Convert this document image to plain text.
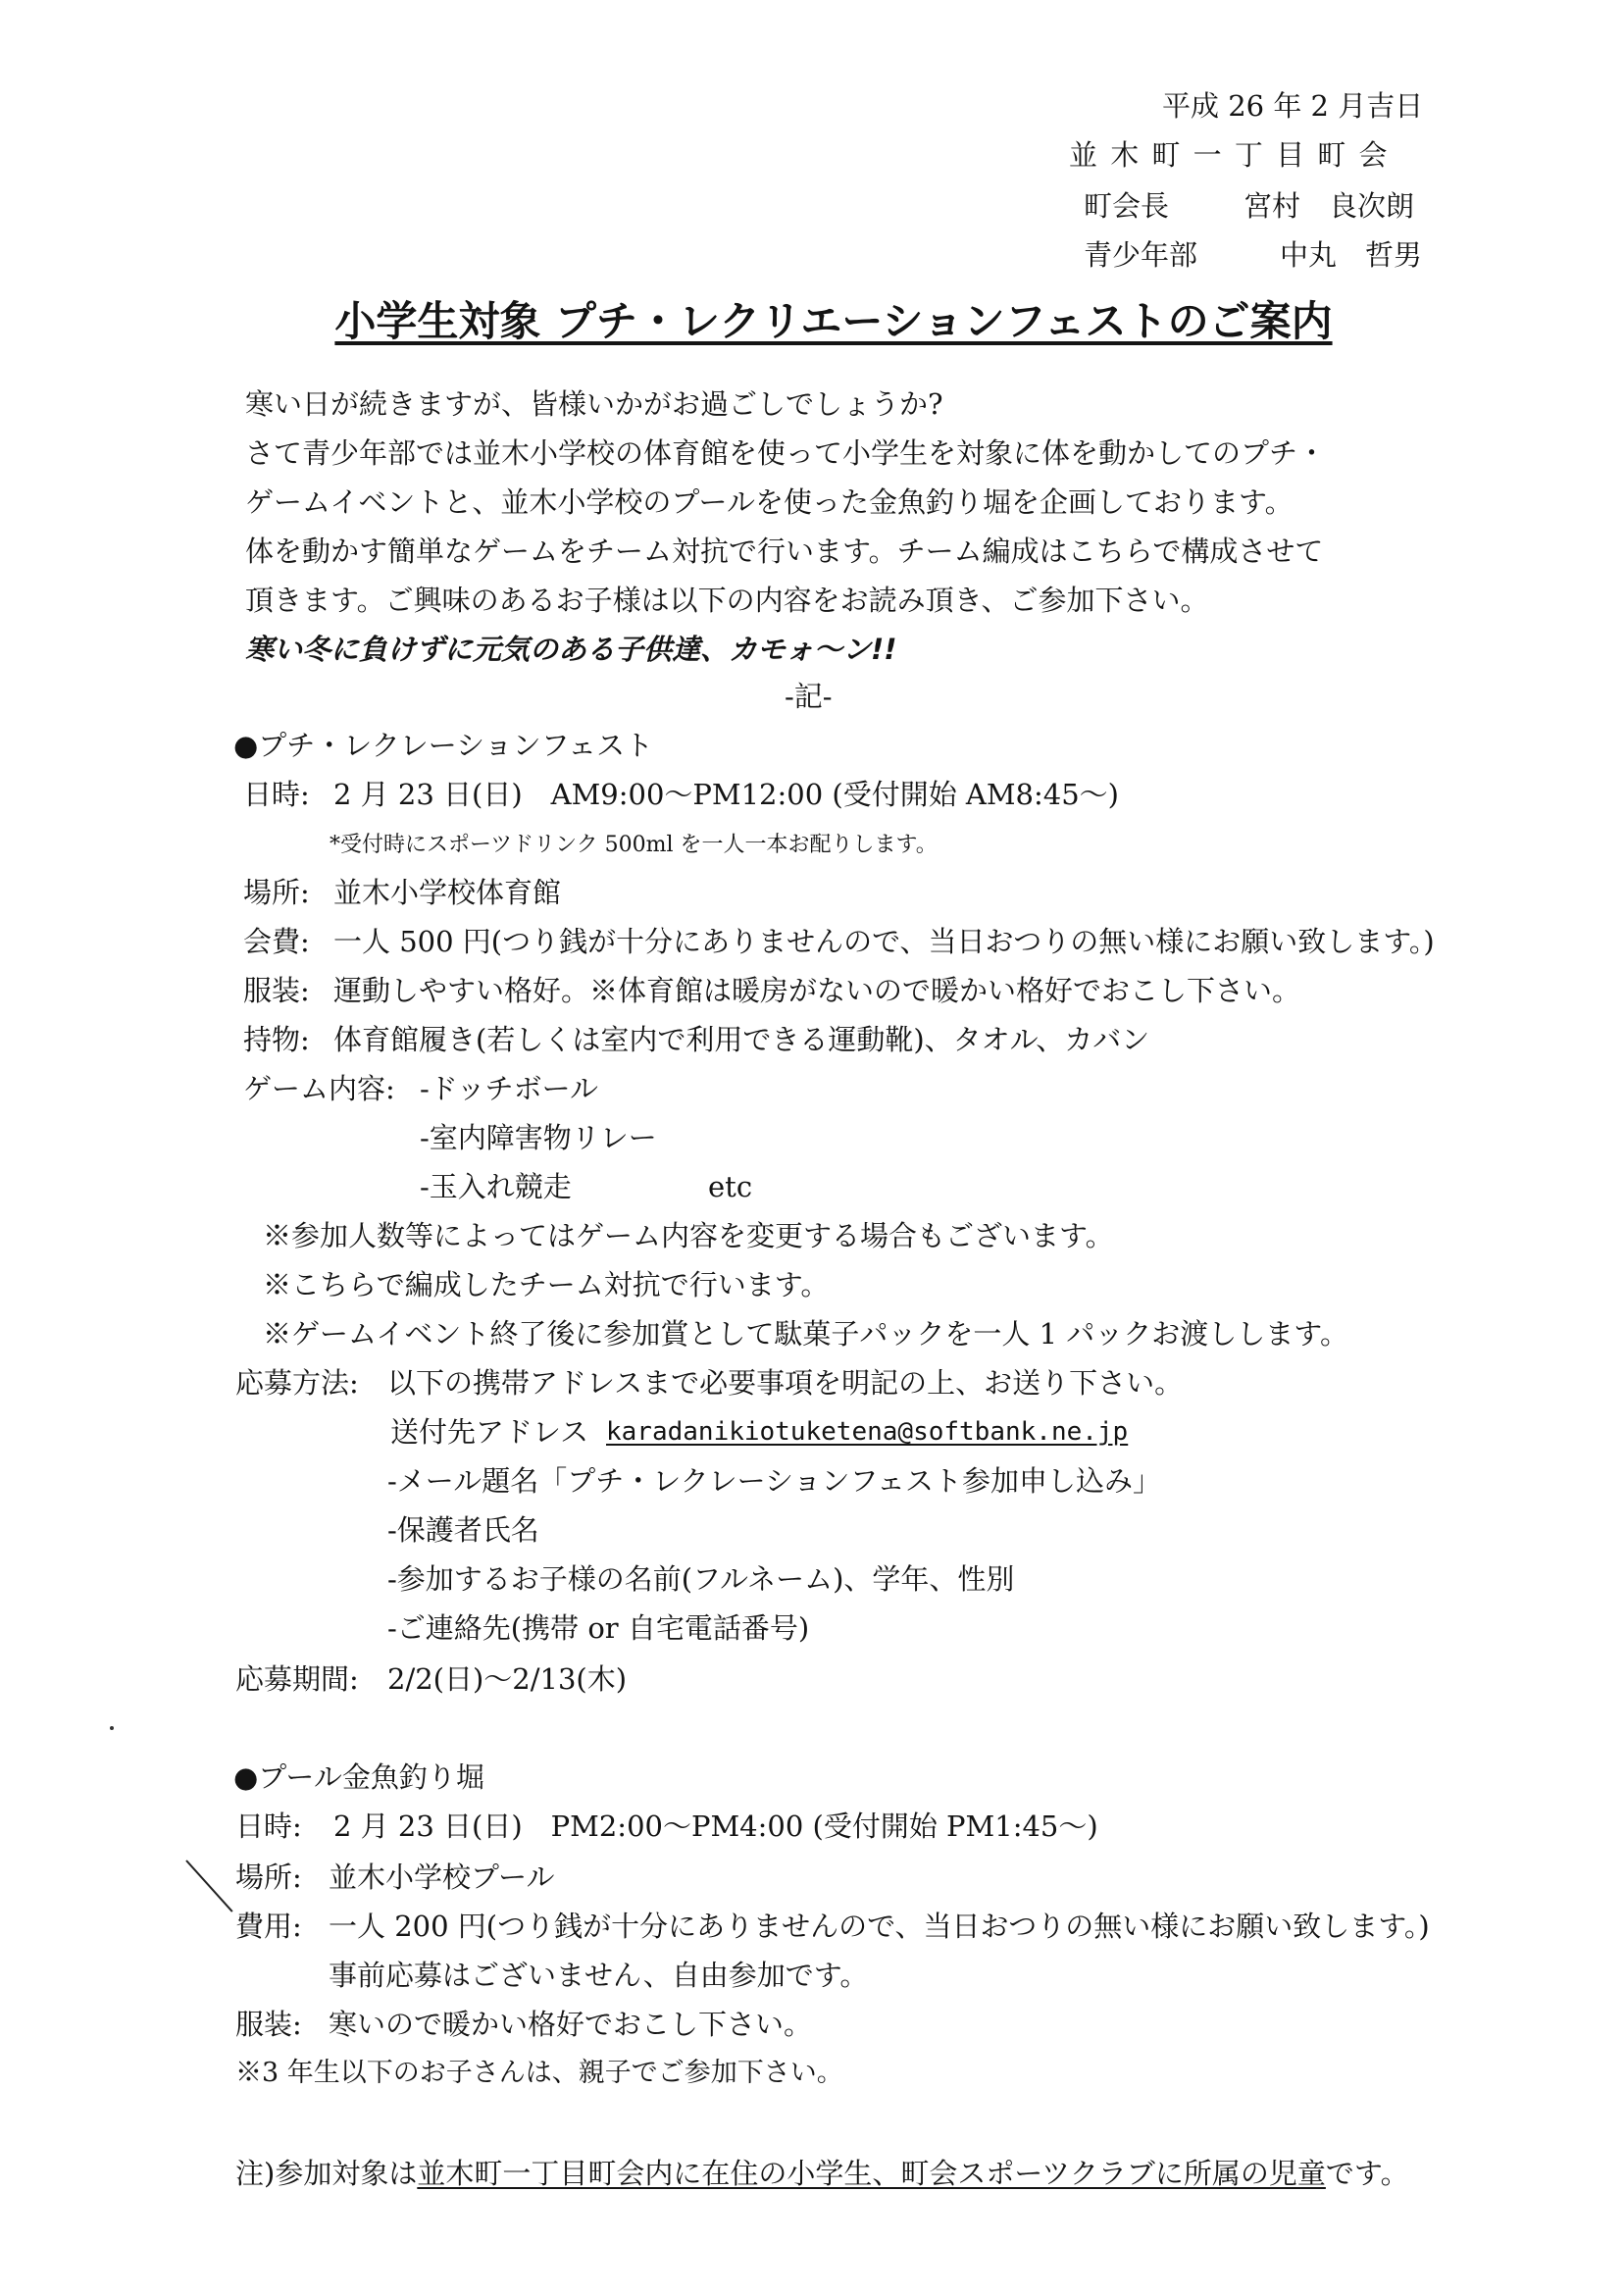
平成 26 年 2 月吉日
並 木 町 一 丁 目 町 会
町会長	宮村　良次朗
青少年部	中丸　哲男
小学生対象 プチ・レクリエーションフェストのご案内
寒い日が続きますが、皆様いかがお過ごしでしょうか?
さて青少年部では並木小学校の体育館を使って小学生を対象に体を動かしてのプチ・
ゲームイベントと、並木小学校のプールを使った金魚釣り堀を企画しております。
体を動かす簡単なゲームをチーム対抗で行います。チーム編成はこちらで構成させて
頂きます。ご興味のあるお子様は以下の内容をお読み頂き、ご参加下さい。
寒い冬に負けずに元気のある子供達、カモォ～ン!!
-記-
●プチ・レクレーションフェスト
日時: 2 月 23 日(日)　AM9:00～PM12:00 (受付開始 AM8:45～)
*受付時にスポーツドリンク 500ml を一人一本お配りします。
場所: 並木小学校体育館
会費: 一人 500 円(つり銭が十分にありませんので、当日おつりの無い様にお願い致します。)
服装: 運動しやすい格好。※体育館は暖房がないので暖かい格好でおこし下さい。
持物: 体育館履き(若しくは室内で利用できる運動靴)、タオル、カバン
ゲーム内容: -ドッチボール
-室内障害物リレー
-玉入れ競走	etc
※参加人数等によってはゲーム内容を変更する場合もございます。
※こちらで編成したチーム対抗で行います。
※ゲームイベント終了後に参加賞として駄菓子パックを一人 1 パックお渡しします。
応募方法: 以下の携帯アドレスまで必要事項を明記の上、お送り下さい。
送付先アドレス karadanikiotuketena@softbank.ne.jp
-メール題名「プチ・レクレーションフェスト参加申し込み」
-保護者氏名
-参加するお子様の名前(フルネーム)、学年、性別
-ご連絡先(携帯 or 自宅電話番号)
応募期間: 2/2(日)～2/13(木)
●プール金魚釣り堀
日時: 2 月 23 日(日)　PM2:00～PM4:00 (受付開始 PM1:45～)
場所: 並木小学校プール
費用: 一人 200 円(つり銭が十分にありませんので、当日おつりの無い様にお願い致します。)
事前応募はございません、自由参加です。
服装: 寒いので暖かい格好でおこし下さい。
※3 年生以下のお子さんは、親子でご参加下さい。
注)参加対象は並木町一丁目町会内に在住の小学生、町会スポーツクラブに所属の児童です。
